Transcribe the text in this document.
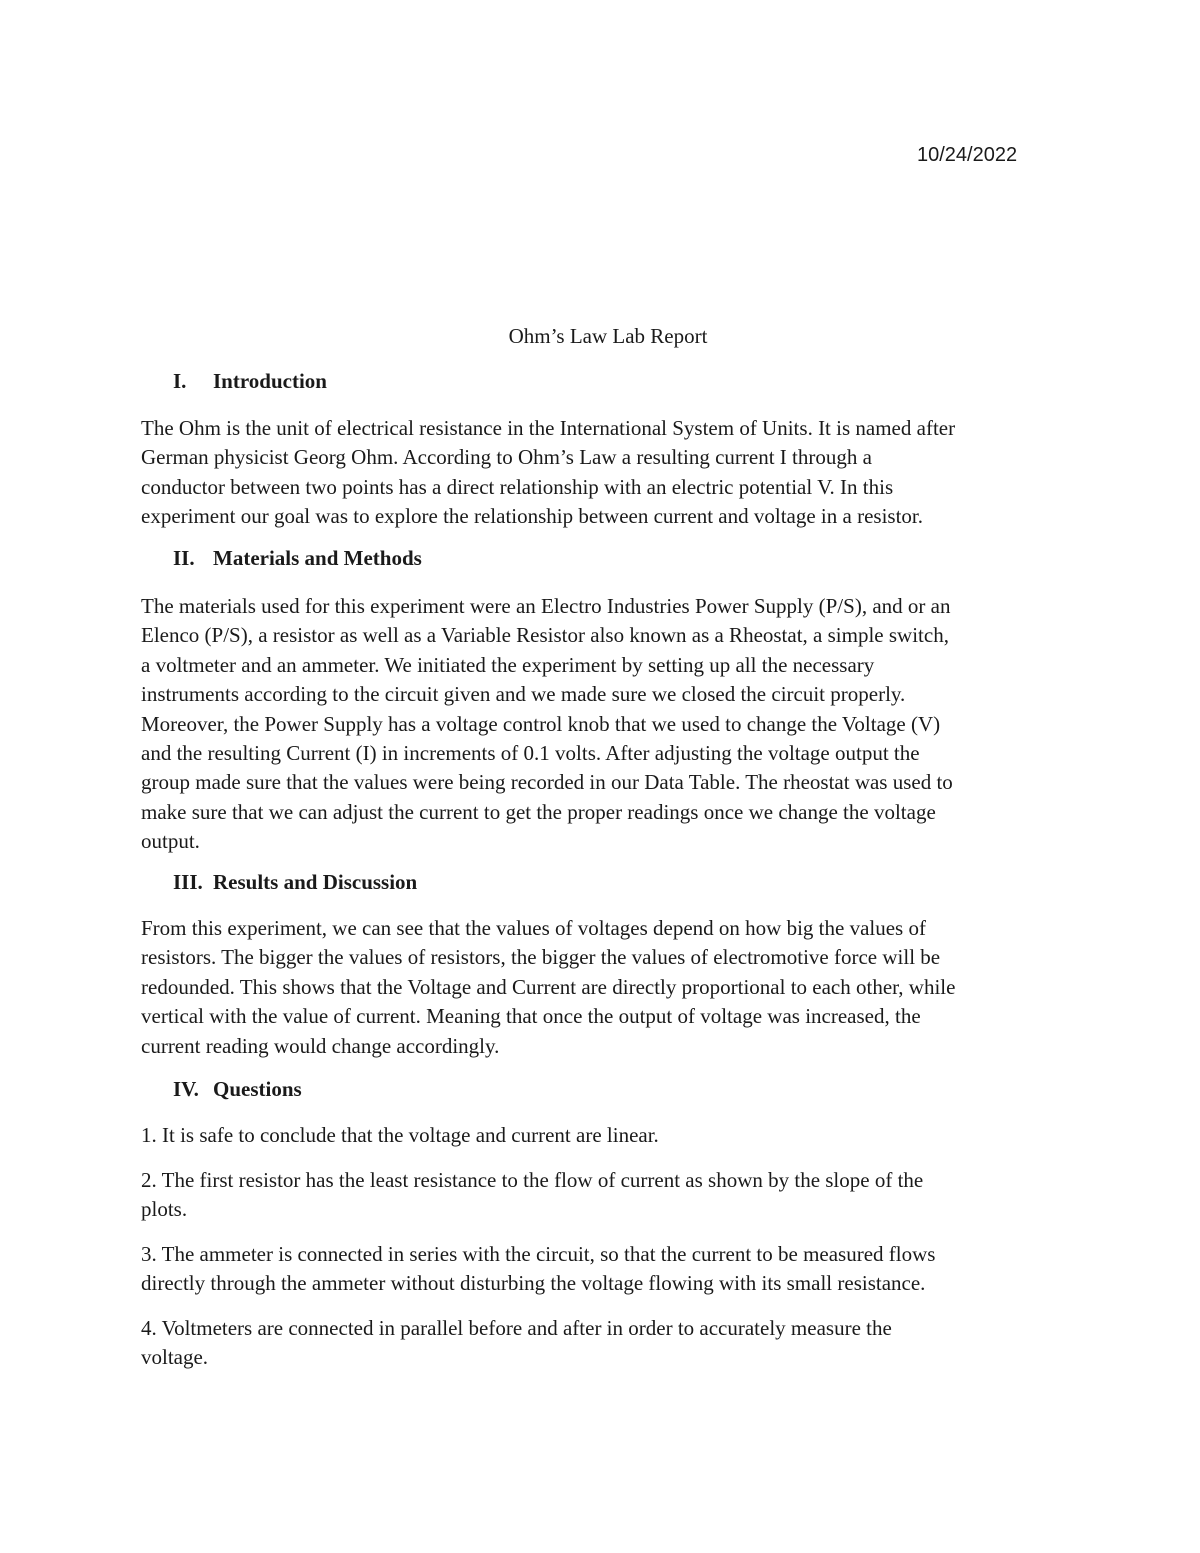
10/24/2022
Ohm’s Law Lab Report
I. Introduction
The Ohm is the unit of electrical resistance in the International System of Units. It is named after
German physicist Georg Ohm. According to Ohm’s Law a resulting current I through a
conductor between two points has a direct relationship with an electric potential V. In this
experiment our goal was to explore the relationship between current and voltage in a resistor.
II. Materials and Methods
The materials used for this experiment were an Electro Industries Power Supply (P/S), and or an
Elenco (P/S), a resistor as well as a Variable Resistor also known as a Rheostat, a simple switch,
a voltmeter and an ammeter. We initiated the experiment by setting up all the necessary
instruments according to the circuit given and we made sure we closed the circuit properly.
Moreover, the Power Supply has a voltage control knob that we used to change the Voltage (V)
and the resulting Current (I) in increments of 0.1 volts. After adjusting the voltage output the
group made sure that the values were being recorded in our Data Table. The rheostat was used to
make sure that we can adjust the current to get the proper readings once we change the voltage
output.
III. Results and Discussion
From this experiment, we can see that the values of voltages depend on how big the values of
resistors. The bigger the values of resistors, the bigger the values of electromotive force will be
redounded. This shows that the Voltage and Current are directly proportional to each other, while
vertical with the value of current. Meaning that once the output of voltage was increased, the
current reading would change accordingly.
IV. Questions
1. It is safe to conclude that the voltage and current are linear.
2. The first resistor has the least resistance to the flow of current as shown by the slope of the
plots.
3. The ammeter is connected in series with the circuit, so that the current to be measured flows
directly through the ammeter without disturbing the voltage flowing with its small resistance.
4. Voltmeters are connected in parallel before and after in order to accurately measure the
voltage.
